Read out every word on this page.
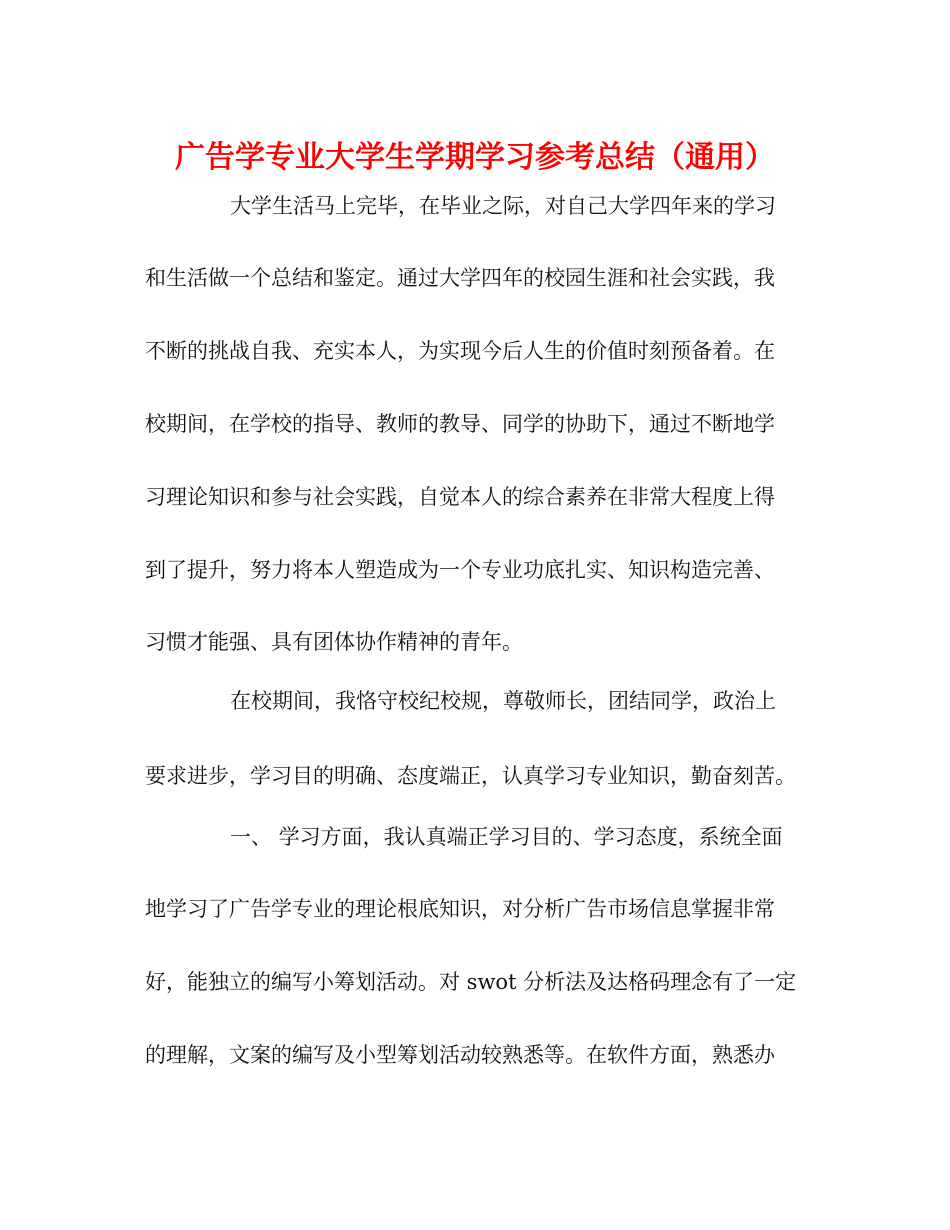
广告学专业大学生学期学习参考总结（通用）
大学生活马上完毕，在毕业之际，对自己大学四年来的学习
和生活做一个总结和鉴定。通过大学四年的校园生涯和社会实践，我
不断的挑战自我、充实本人，为实现今后人生的价值时刻预备着。在
校期间，在学校的指导、教师的教导、同学的协助下，通过不断地学
习理论知识和参与社会实践，自觉本人的综合素养在非常大程度上得
到了提升，努力将本人塑造成为一个专业功底扎实、知识构造完善、
习惯才能强、具有团体协作精神的青年。
在校期间，我恪守校纪校规，尊敬师长，团结同学，政治上
要求进步，学习目的明确、态度端正，认真学习专业知识，勤奋刻苦。
一、 学习方面，我认真端正学习目的、学习态度，系统全面
地学习了广告学专业的理论根底知识，对分析广告市场信息掌握非常
好，能独立的编写小筹划活动。对 swot 分析法及达格码理念有了一定
的理解，文案的编写及小型筹划活动较熟悉等。在软件方面，熟悉办
